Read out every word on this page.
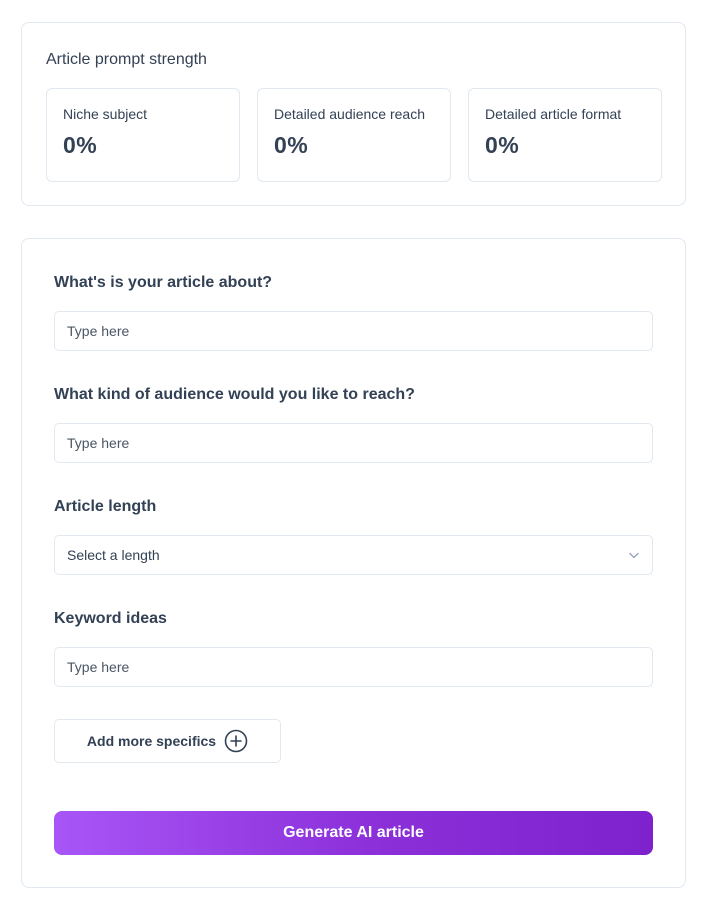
Article prompt strength
Niche subject
0%
Detailed audience reach
0%
Detailed article format
0%
What's is your article about? Type here
What kind of audience would you like to reach? Type here
Article length
Select a length
Keyword ideas Type here
Add more specifics
Generate AI article
